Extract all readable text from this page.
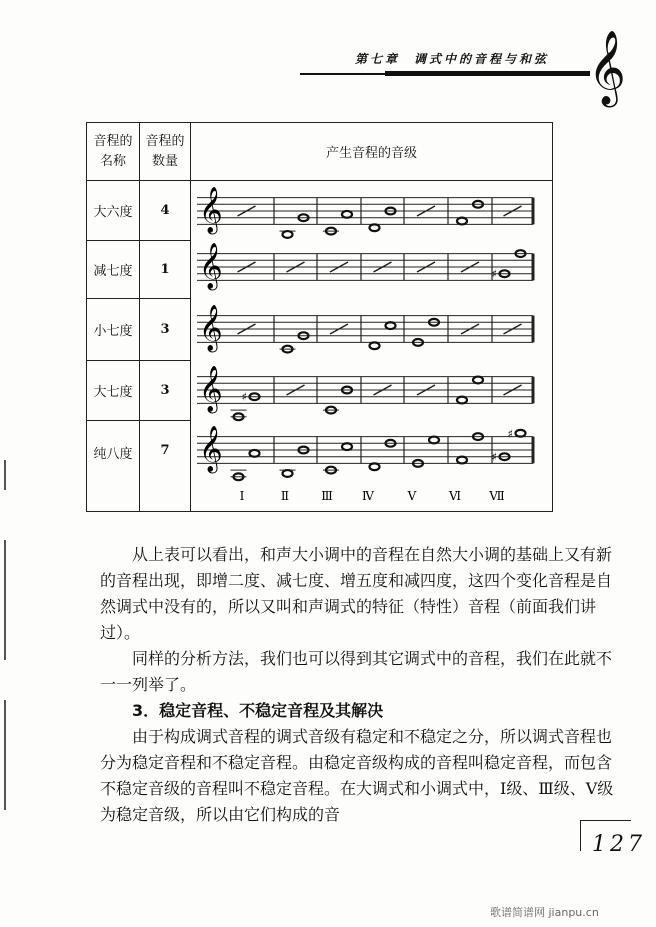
第七章 调式中的音程与和弦 𝄞
音程的名称	音程的数量	产生音程的音级
大六度	4	
减七度	1	
小七度	3	
大七度	3	
纯八度	7	
𝄞
𝄞	♯
𝄞
𝄞 ♯
𝄞	♯
♯
Ⅰ	Ⅱ	Ⅲ Ⅳ	Ⅴ	Ⅵ Ⅶ

从上表可以看出，和声大小调中的音程在自然大小调的基础上又有新的音程出现，即增二度、减七度、增五度和减四度，这四个变化音程是自然调式中没有的，所以又叫和声调式的特征（特性）音程（前面我们讲过）。

同样的分析方法，我们也可以得到其它调式中的音程，我们在此就不一一列举了。

3．稳定音程、不稳定音程及其解决

由于构成调式音程的调式音级有稳定和不稳定之分，所以调式音程也分为稳定音程和不稳定音程。由稳定音级构成的音程叫稳定音程，而包含不稳定音级的音程叫不稳定音程。在大调式和小调式中，Ⅰ级、Ⅲ级、Ⅴ级为稳定音级，所以由它们构成的音

127
歌谱简谱网 jianpu.cn
